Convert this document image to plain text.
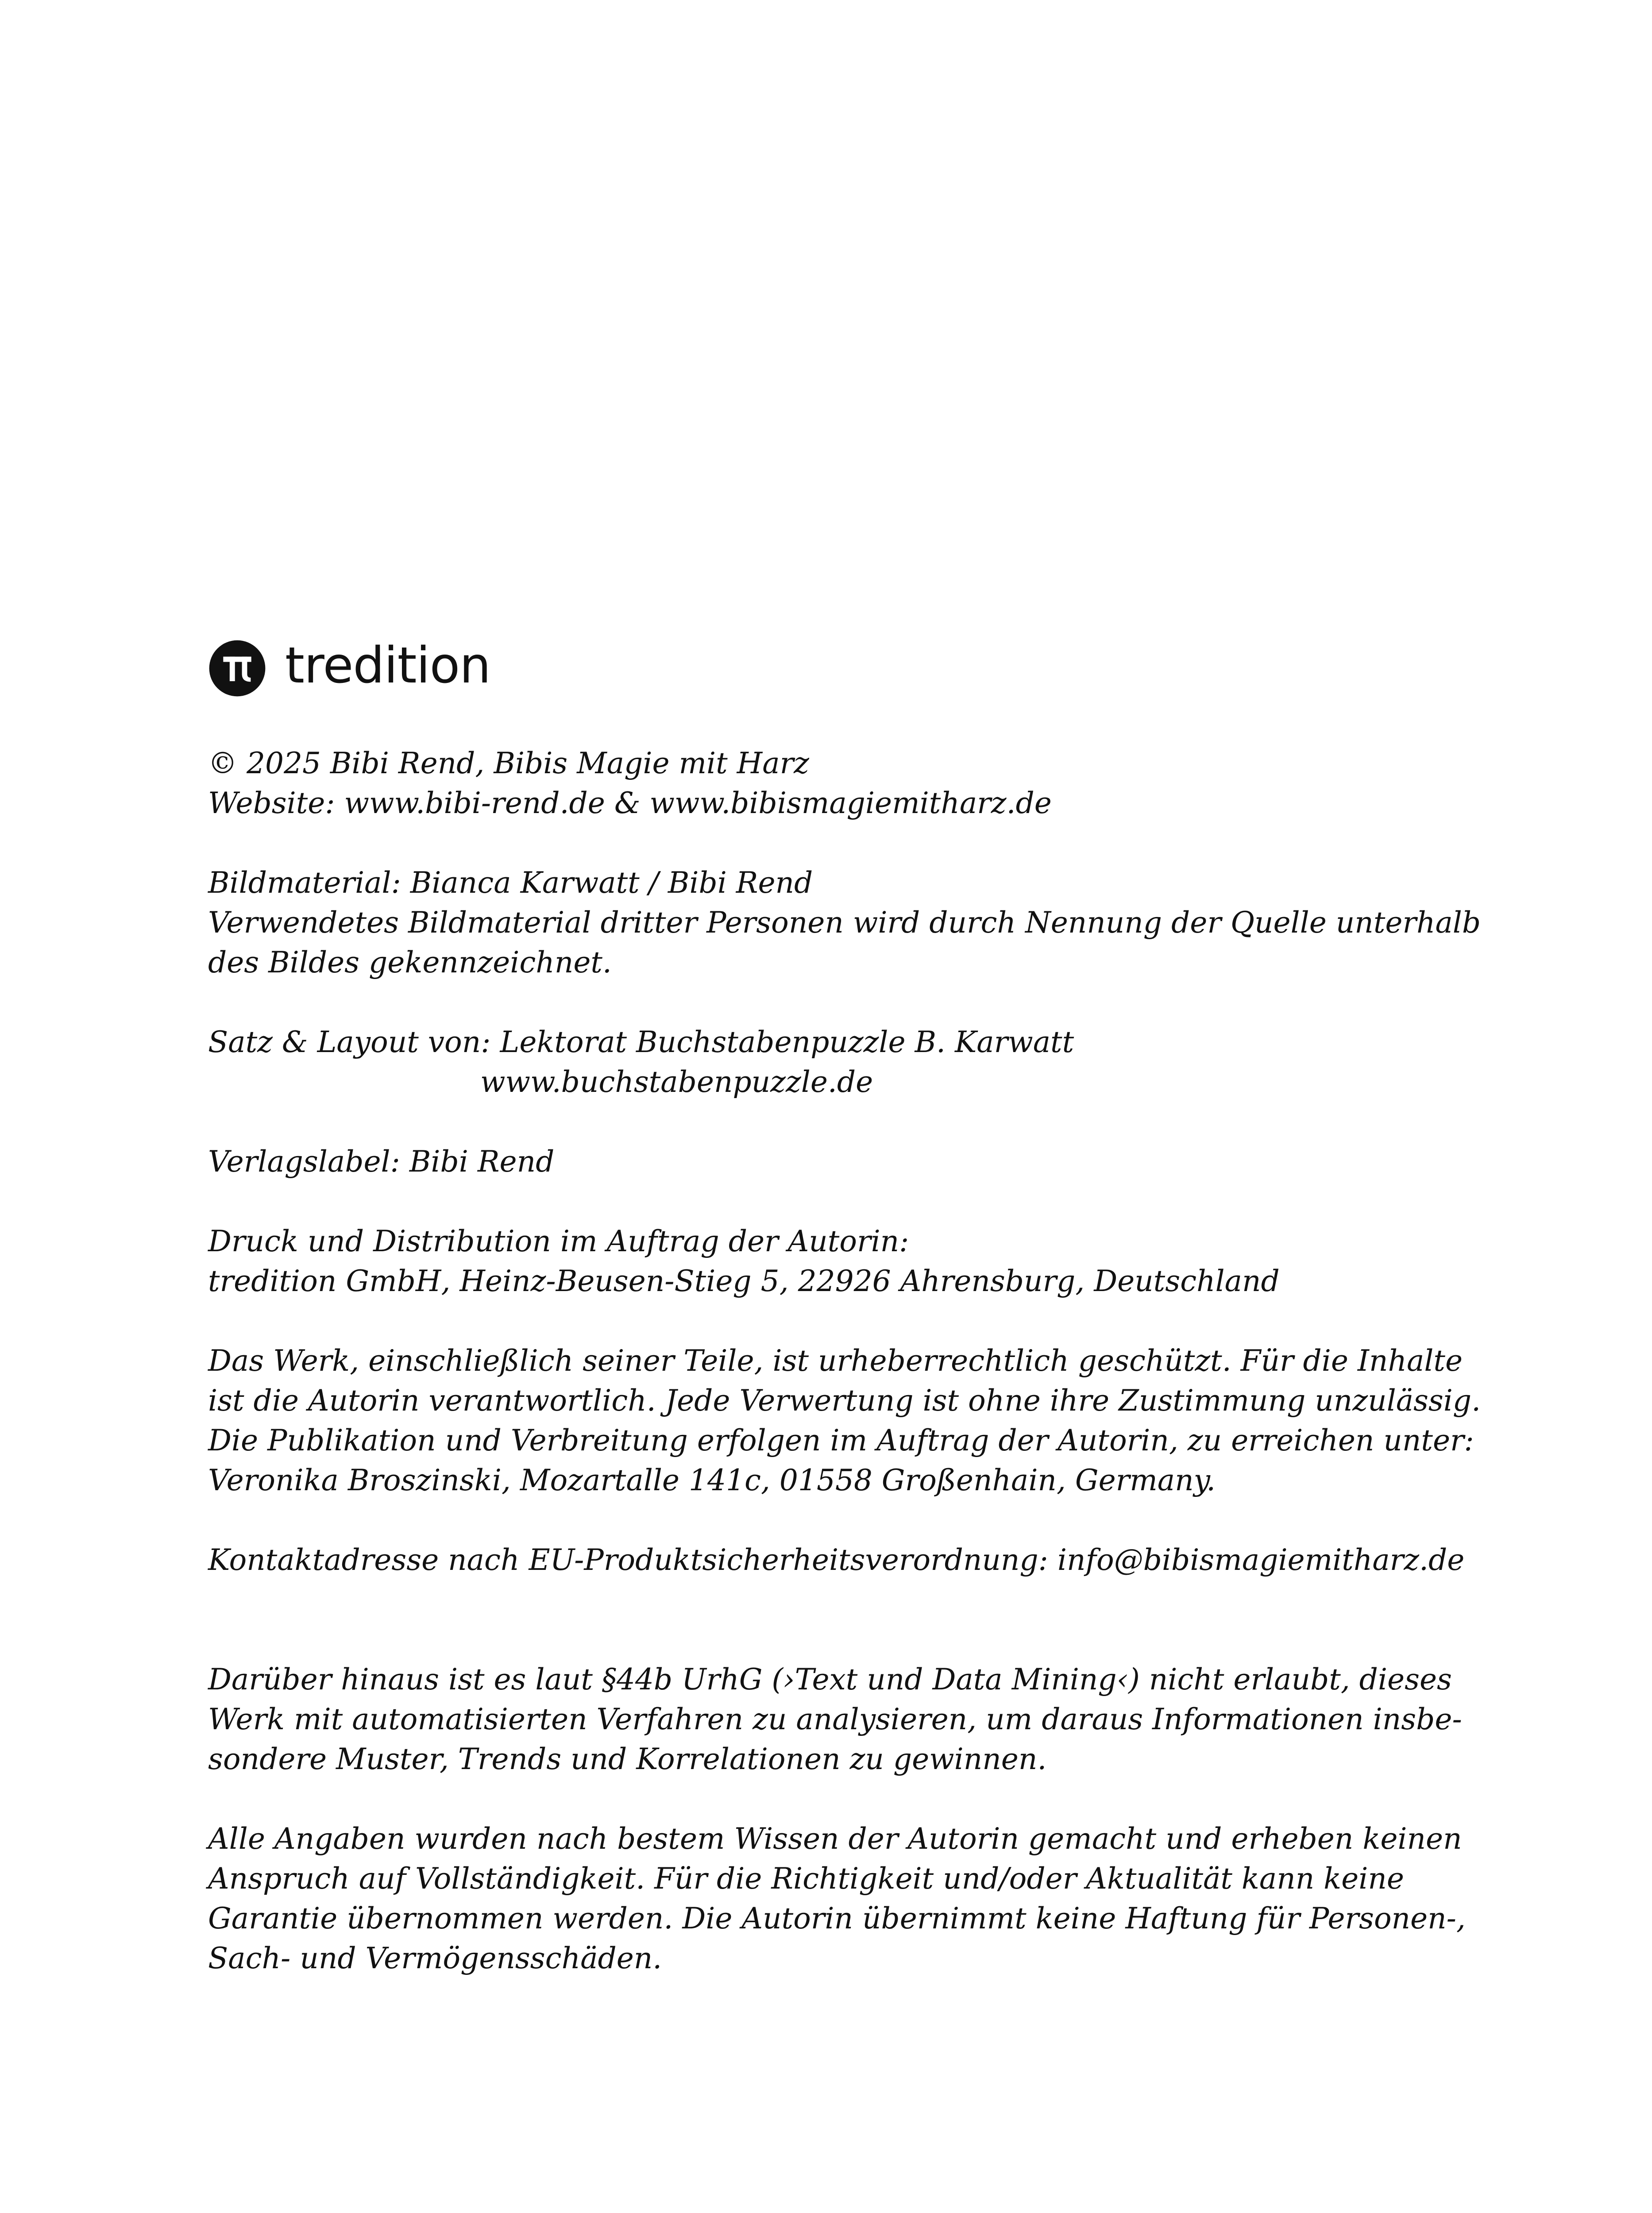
tredition
© 2025 Bibi Rend, Bibis Magie mit Harz
Website: www.bibi-rend.de & www.bibismagiemitharz.de
Bildmaterial: Bianca Karwatt / Bibi Rend
Verwendetes Bildmaterial dritter Personen wird durch Nennung der Quelle unterhalb
des Bildes gekennzeichnet.
Satz & Layout von: Lektorat Buchstabenpuzzle B. Karwatt
www.buchstabenpuzzle.de
Verlagslabel: Bibi Rend
Druck und Distribution im Auftrag der Autorin:
tredition GmbH, Heinz-Beusen-Stieg 5, 22926 Ahrensburg, Deutschland
Das Werk, einschließlich seiner Teile, ist urheberrechtlich geschützt. Für die Inhalte
ist die Autorin verantwortlich. Jede Verwertung ist ohne ihre Zustimmung unzulässig.
Die Publikation und Verbreitung erfolgen im Auftrag der Autorin, zu erreichen unter:
Veronika Broszinski, Mozartalle 141c, 01558 Großenhain, Germany.
Kontaktadresse nach EU-Produktsicherheitsverordnung: info@bibismagiemitharz.de
Darüber hinaus ist es laut §44b UrhG (›Text und Data Mining‹) nicht erlaubt, dieses
Werk mit automatisierten Verfahren zu analysieren, um daraus Informationen insbe-
sondere Muster, Trends und Korrelationen zu gewinnen.
Alle Angaben wurden nach bestem Wissen der Autorin gemacht und erheben keinen
Anspruch auf Vollständigkeit. Für die Richtigkeit und/oder Aktualität kann keine
Garantie übernommen werden. Die Autorin übernimmt keine Haftung für Personen-,
Sach- und Vermögensschäden.
